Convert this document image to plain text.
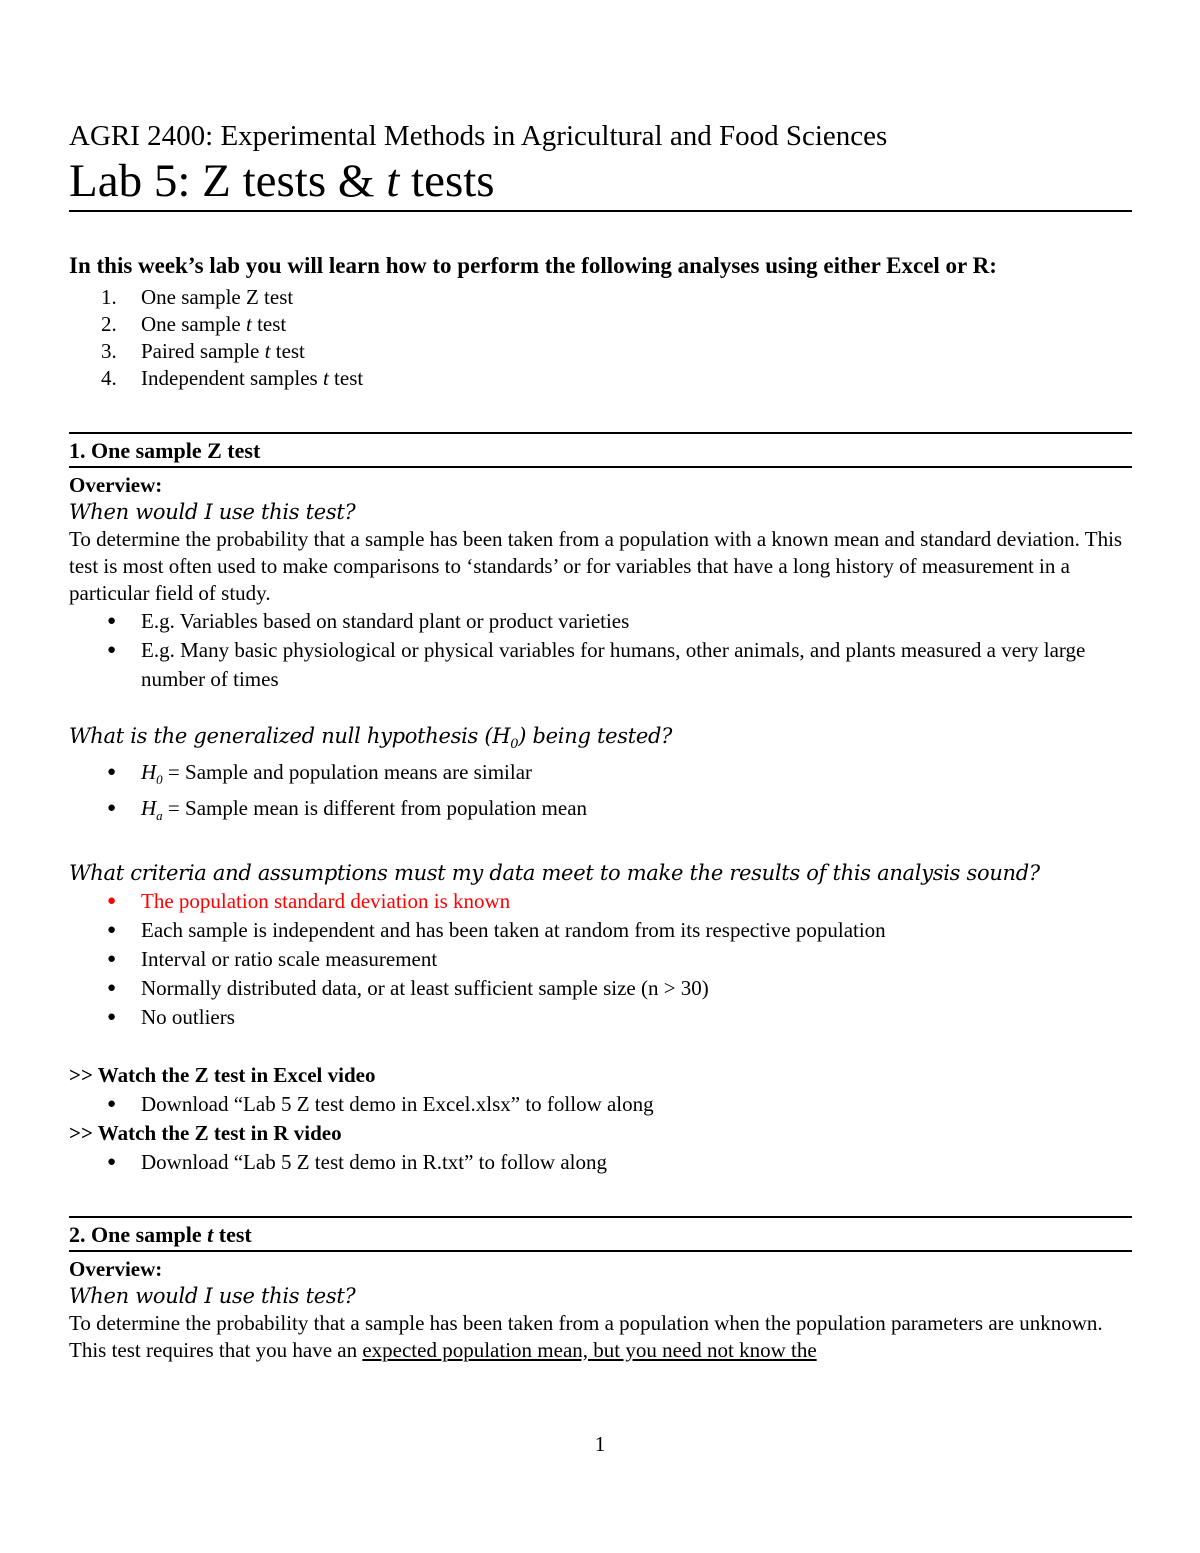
AGRI 2400: Experimental Methods in Agricultural and Food Sciences

Lab 5: Z tests & t tests

In this week’s lab you will learn how to perform the following analyses using either Excel or R:

1.	One sample Z test
2.	One sample t test
3.	Paired sample t test
4.	Independent samples t test
1. One sample Z test
Overview:
When would I use this test?
To determine the probability that a sample has been taken from a population with a known mean and standard deviation. This test is most often used to make comparisons to ‘standards’ or for variables that have a long history of measurement in a particular field of study.
●	E.g. Variables based on standard plant or product varieties
●	E.g. Many basic physiological or physical variables for humans, other animals, and plants measured a very large number of times
What is the generalized null hypothesis $(H_0)$ being tested?
●	$H_0$ = Sample and population means are similar
●	$H_a$ = Sample mean is different from population mean
What criteria and assumptions must my data meet to make the results of this analysis sound?
●	The population standard deviation is known
●	Each sample is independent and has been taken at random from its respective population
●	Interval or ratio scale measurement
●	Normally distributed data, or at least sufficient sample size (n > 30)
●	No outliers
>> Watch the Z test in Excel video
●	Download “Lab 5 Z test demo in Excel.xlsx” to follow along
>> Watch the Z test in R video
●	Download “Lab 5 Z test demo in R.txt” to follow along
2. One sample t test
Overview:
When would I use this test?
To determine the probability that a sample has been taken from a population when the population parameters are unknown. This test requires that you have an expected population mean, but you need not know the
1
